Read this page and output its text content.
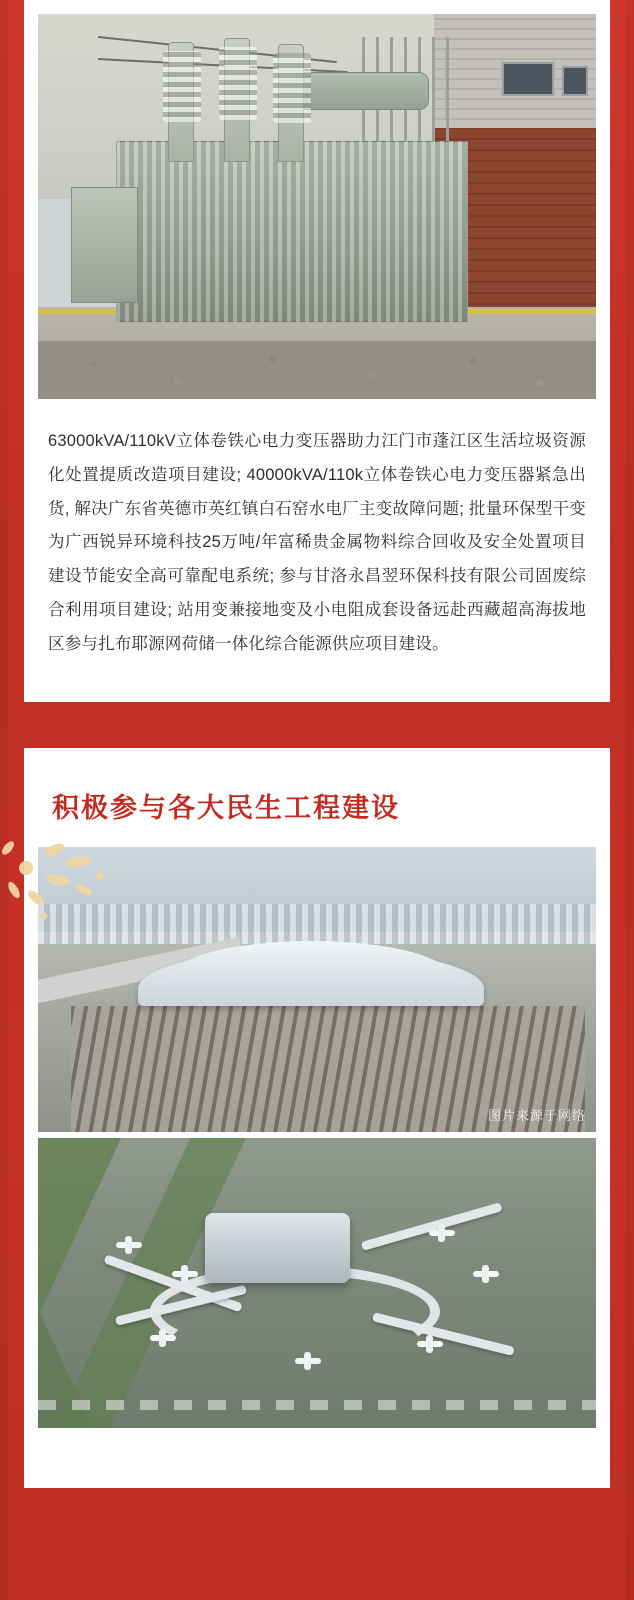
63000kVA/110kV立体卷铁心电力变压器助力江门市蓬江区生活垃圾资源化处置提质改造项目建设; 40000kVA/110k立体卷铁心电力变压器紧急出货, 解决广东省英德市英红镇白石窑水电厂主变故障问题; 批量环保型干变为广西锐异环境科技25万吨/年富稀贵金属物料综合回收及安全处置项目建设节能安全高可靠配电系统; 参与甘洛永昌翌环保科技有限公司固废综合利用项目建设; 站用变兼接地变及小电阻成套设备远赴西藏超高海拔地区参与扎布耶源网荷储一体化综合能源供应项目建设。

积极参与各大民生工程建设
图片来源于网络
